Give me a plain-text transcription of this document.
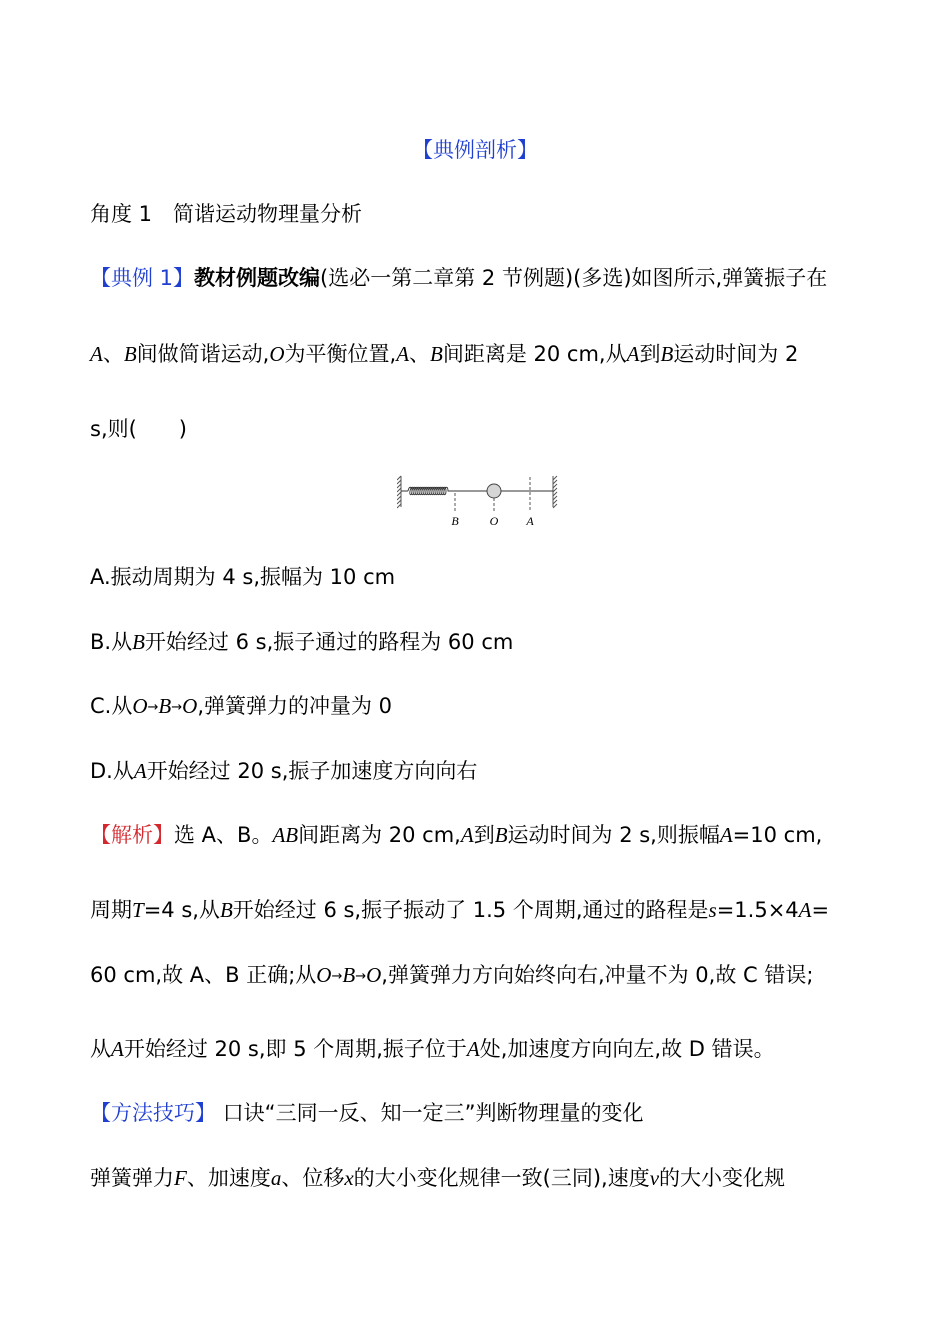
【典例剖析】
角度 1　 简谐运动物理量分析
【典例 1】教材例题改编(选必一第二章第 2 节例题)(多选)如图所示,弹簧振子在
A、B间做简谐运动,O为平衡位置,A、B间距离是 20 cm,从A到B运动时间为 2
s,则(　　)
B	O A
A.振动周期为 4 s,振幅为 10 cm
B.从B开始经过 6 s,振子通过的路程为 60 cm
C.从O→B→O,弹簧弹力的冲量为 0
D.从A开始经过 20 s,振子加速度方向向右
【解析】选 A、B。AB间距离为 20 cm,A到B运动时间为 2 s,则振幅A=10 cm,
周期T=4 s,从B开始经过 6 s,振子振动了 1.5 个周期,通过的路程是s=1.5×4A=
60 cm,故 A、B 正确;从O→B→O,弹簧弹力方向始终向右,冲量不为 0,故 C 错误;
从A开始经过 20 s,即 5 个周期,振子位于A处,加速度方向向左,故 D 错误。
【方法技巧】 口诀“三同一反、知一定三”判断物理量的变化
弹簧弹力F、加速度a、位移x的大小变化规律一致(三同),速度v的大小变化规
